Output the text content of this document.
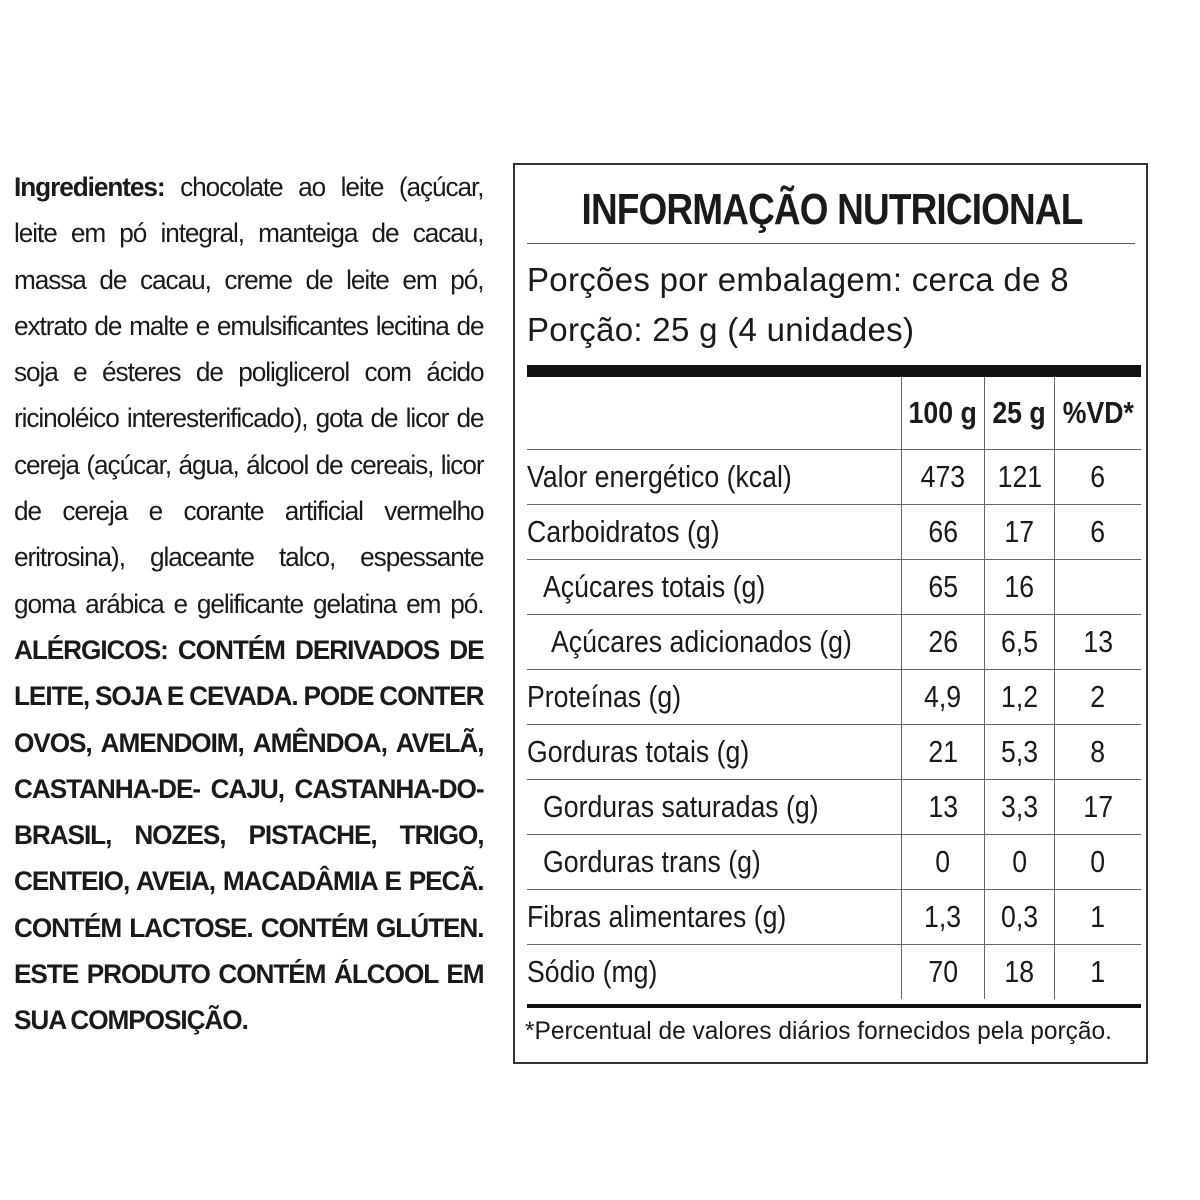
Ingredientes: chocolate ao leite (açúcar, leite em pó integral, manteiga de cacau, massa de cacau, creme de leite em pó, extrato de malte e emulsificantes lecitina de soja e ésteres de poliglicerol com ácido ricinoléico interesterificado), gota de licor de cereja (açúcar, água, álcool de cereais, licor de cereja e corante artificial vermelho eritrosina), glaceante talco, espessante goma arábica e gelificante gelatina em pó. ALÉRGICOS: CONTÉM DERIVADOS DE LEITE, SOJA E CEVADA. PODE CONTER OVOS, AMENDOIM, AMÊNDOA, AVELÃ, CASTANHA-DE- CAJU, CASTANHA-DO-BRASIL, NOZES, PISTACHE, TRIGO, CENTEIO, AVEIA, MACADÂMIA E PECÃ. CONTÉM LACTOSE. CONTÉM GLÚTEN. ESTE PRODUTO CONTÉM ÁLCOOL EM SUA COMPOSIÇÃO.
INFORMAÇÃO NUTRICIONAL
Porções por embalagem: cerca de 8
Porção: 25 g (4 unidades)
	100 g	25 g	%VD*
Valor energético (kcal)	473	121	6
Carboidratos (g)	66	17	6
Açúcares totais (g)	65	16	
Açúcares adicionados (g)	26	6,5	13
Proteínas (g)	4,9	1,2	2
Gorduras totais (g)	21	5,3	8
Gorduras saturadas (g)	13	3,3	17
Gorduras trans (g)	0	0	0
Fibras alimentares (g)	1,3	0,3	1
Sódio (mg)	70	18	1
*Percentual de valores diários fornecidos pela porção.
